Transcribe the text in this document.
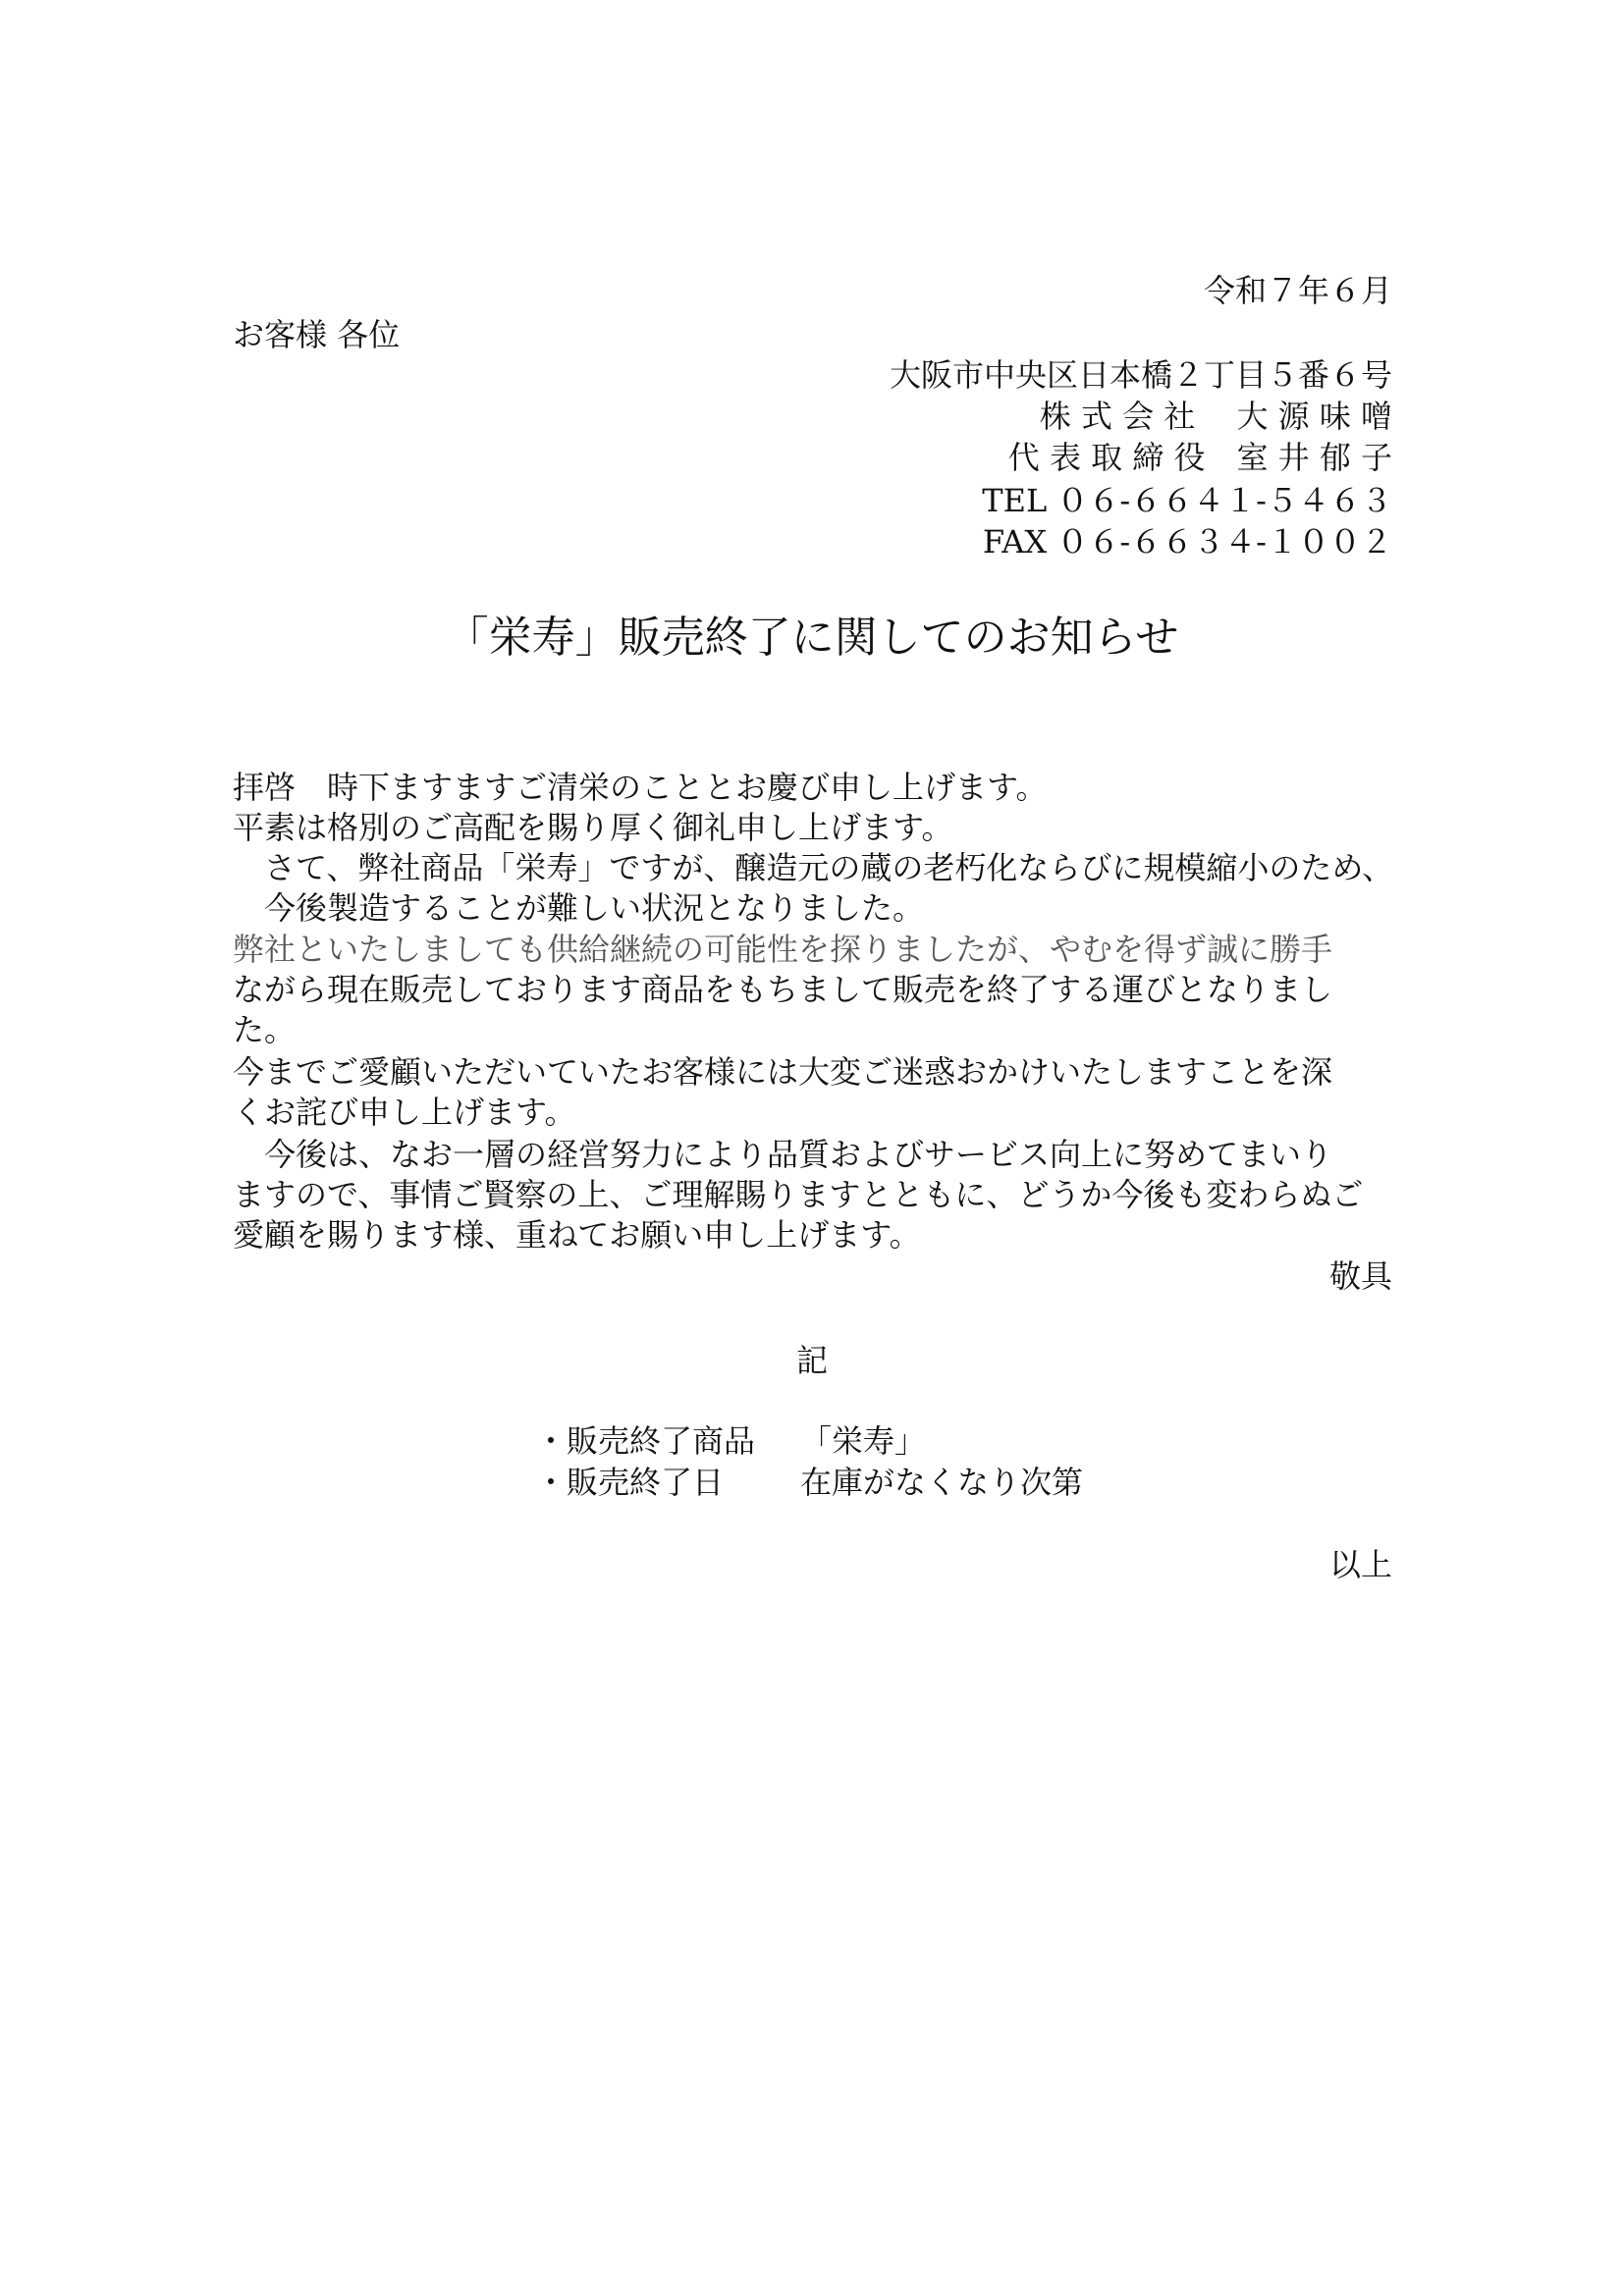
令和７年６月
お客様 各位
大阪市中央区日本橋２丁目５番６号
株 式 会 社　 大 源 味 噌
代 表 取 締 役　室 井 郁 子
TEL ０６-６６４１-５４６３
FAX ０６-６６３４-１００２
「栄寿」販売終了に関してのお知らせ
拝啓　時下ますますご清栄のこととお慶び申し上げます。
平素は格別のご高配を賜り厚く御礼申し上げます。
　さて、弊社商品「栄寿」ですが、醸造元の蔵の老朽化ならびに規模縮小のため、
　今後製造することが難しい状況となりました。
弊社といたしましても供給継続の可能性を探りましたが、やむを得ず誠に勝手
ながら現在販売しております商品をもちまして販売を終了する運びとなりまし
た。
今までご愛顧いただいていたお客様には大変ご迷惑おかけいたしますことを深
くお詫び申し上げます。
　今後は、なお一層の経営努力により品質およびサービス向上に努めてまいり
ますので、事情ご賢察の上、ご理解賜りますとともに、どうか今後も変わらぬご
愛顧を賜ります様、重ねてお願い申し上げます。
敬具
記
・販売終了商品 「栄寿」
・販売終了日 在庫がなくなり次第
以上
